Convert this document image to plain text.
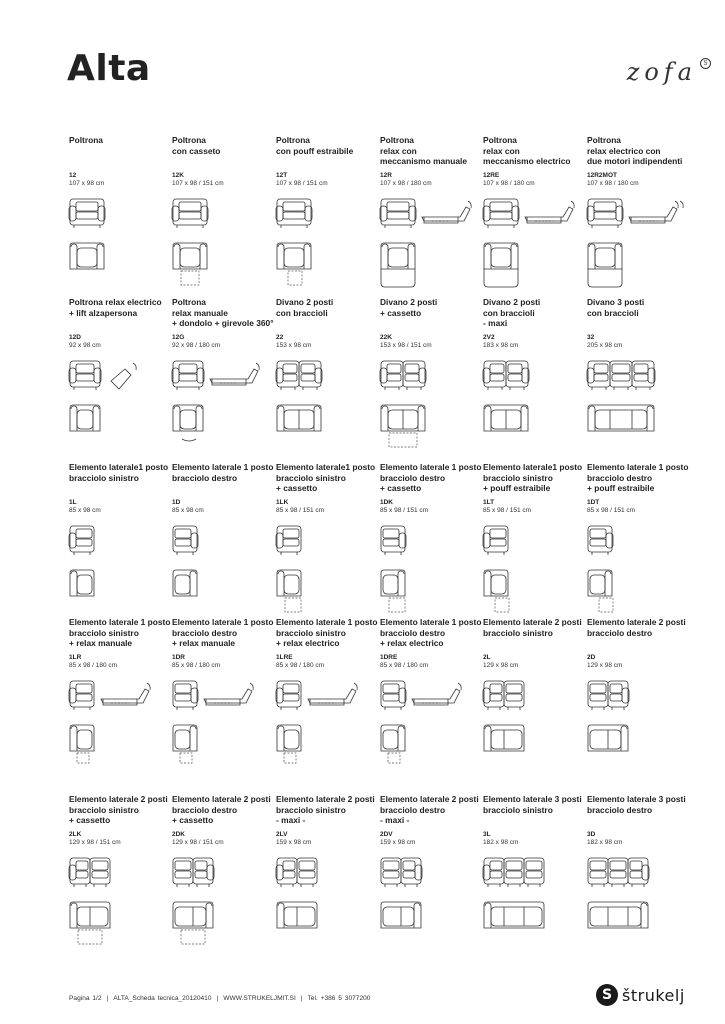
Alta	zofa	S
Poltrona
12
107 x 98 cm
Poltrona
con casseto
12K
107 x 98 / 151 cm
Poltrona
con pouff estraibile
12T
107 x 98 / 151 cm
Poltrona
relax con
meccanismo manuale
12R
107 x 98 / 180 cm
Poltrona
relax con
meccanismo electrico
12RE
107 x 98 / 180 cm
Poltrona
relax electrico con
due motori indipendenti
12R2MOT
107 x 98 / 180 cm
Poltrona relax electrico
+ lift alzapersona
12D
92 x 98 cm
Poltrona
relax manuale
+ dondolo + girevole 360°
12G
92 x 98 / 180 cm
Divano 2 posti
con braccioli
22
153 x 98 cm
Divano 2 posti
+ cassetto
22K
153 x 98 / 151 cm
Divano 2 posti
con braccioli
- maxi
2V2
183 x 98 cm
Divano 3 posti
con braccioli
32
205 x 98 cm
Elemento laterale1 posto
bracciolo sinistro
1L
85 x 98 cm
Elemento laterale 1 posto
bracciolo destro
1D
85 x 98 cm
Elemento laterale1 posto
bracciolo sinistro
+ cassetto
1LK
85 x 98 / 151 cm
Elemento laterale 1 posto
bracciolo destro
+ cassetto
1DK
85 x 98 / 151 cm
Elemento laterale1 posto
bracciolo sinistro
+ pouff estraibile
1LT
85 x 98 / 151 cm
Elemento laterale 1 posto
bracciolo destro
+ pouff estraibile
1DT
85 x 98 / 151 cm
Elemento laterale 1 posto
bracciolo sinistro
+ relax manuale
1LR
85 x 98 / 180 cm
Elemento laterale 1 posto
bracciolo destro
+ relax manuale
1DR
85 x 98 / 180 cm
Elemento laterale 1 posto
bracciolo sinistro
+ relax electrico
1LRE
85 x 98 / 180 cm
Elemento laterale 1 posto
bracciolo destro
+ relax electrico
1DRE
85 x 98 / 180 cm
Elemento laterale 2 posti
bracciolo sinistro
2L
129 x 98 cm
Elemento laterale 2 posti
bracciolo destro
2D
129 x 98 cm
Elemento laterale 2 posti
bracciolo sinistro
+ cassetto
2LK
129 x 98 / 151 cm
Elemento laterale 2 posti
bracciolo destro
+ cassetto
2DK
129 x 98 / 151 cm
Elemento laterale 2 posti
bracciolo sinistro
- maxi -
2LV
159 x 98 cm
Elemento laterale 2 posti
bracciolo destro
- maxi -
2DV
159 x 98 cm
Elemento laterale 3 posti
bracciolo sinistro
3L
182 x 98 cm
Elemento laterale 3 posti
bracciolo destro
3D
182 x 98 cm
Pagina 1/2 | ALTA_Scheda tecnica_20120410 | WWW.STRUKELJMIT.SI | Tel. +386 5 3077200	S štrukelj
